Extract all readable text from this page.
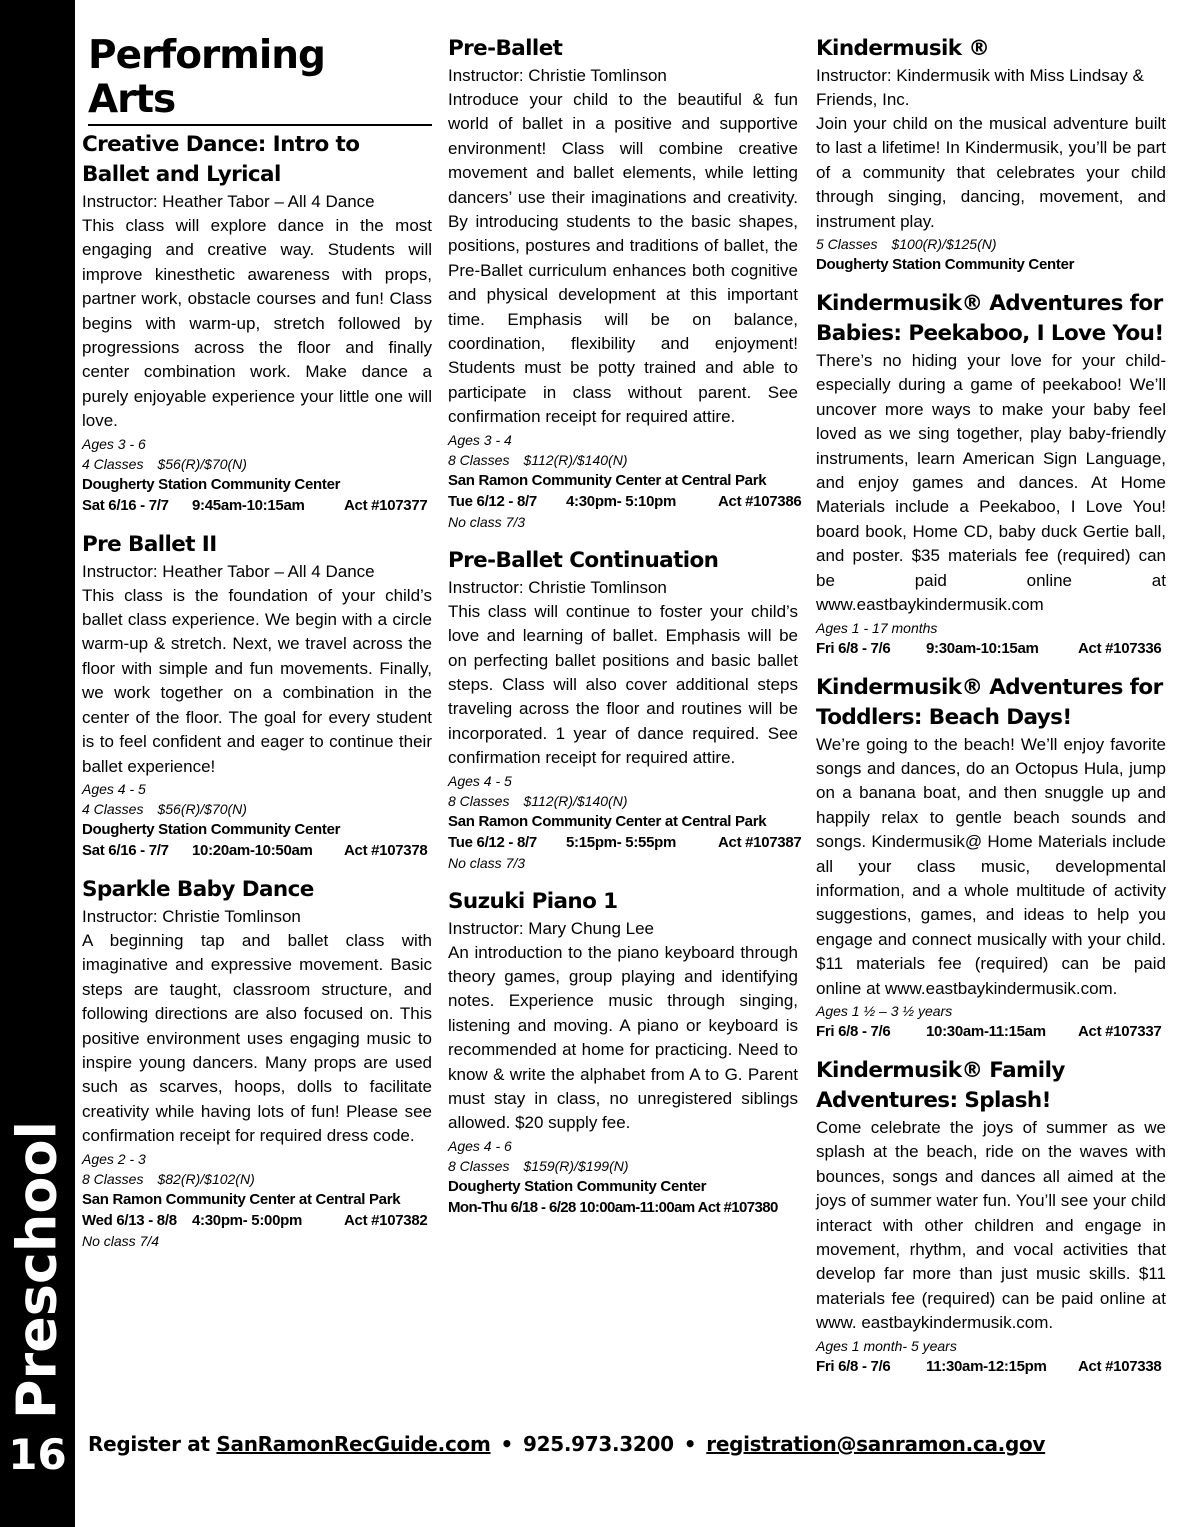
Preschool
16
Performing Arts
Creative Dance: Intro to Ballet and Lyrical
Instructor: Heather Tabor – All 4 Dance
This class will explore dance in the most engaging and creative way. Students will improve kinesthetic awareness with props, partner work, obstacle courses and fun! Class begins with warm-up, stretch followed by progressions across the floor and finally center combination work. Make dance a purely enjoyable experience your little one will love.
Ages 3 - 6
4 Classes $56(R)/$70(N)
Dougherty Station Community Center
Sat 6/16 - 7/7 9:45am-10:15am	Act #107377
Pre Ballet II
Instructor: Heather Tabor – All 4 Dance
This class is the foundation of your child’s ballet class experience. We begin with a circle warm-up & stretch. Next, we travel across the floor with simple and fun movements. Finally, we work together on a combination in the center of the floor. The goal for every student is to feel confident and eager to continue their ballet experience!
Ages 4 - 5
4 Classes $56(R)/$70(N)
Dougherty Station Community Center
Sat 6/16 - 7/7 10:20am-10:50am Act #107378
Sparkle Baby Dance
Instructor: Christie Tomlinson
A beginning tap and ballet class with imaginative and expressive movement. Basic steps are taught, classroom structure, and following directions are also focused on. This positive environment uses engaging music to inspire young dancers. Many props are used such as scarves, hoops, dolls to facilitate creativity while having lots of fun! Please see confirmation receipt for required dress code.
Ages 2 - 3
8 Classes $82(R)/$102(N)
San Ramon Community Center at Central Park
Wed 6/13 - 8/8 4:30pm- 5:00pm	Act #107382
No class 7/4
Pre-Ballet
Instructor: Christie Tomlinson
Introduce your child to the beautiful & fun world of ballet in a positive and supportive environment! Class will combine creative movement and ballet elements, while letting dancers’ use their imaginations and creativity. By introducing students to the basic shapes, positions, postures and traditions of ballet, the Pre-Ballet curriculum enhances both cognitive and physical development at this important time. Emphasis will be on balance, coordination, flexibility and enjoyment! Students must be potty trained and able to participate in class without parent. See confirmation receipt for required attire.
Ages 3 - 4
8 Classes $112(R)/$140(N)
San Ramon Community Center at Central Park
Tue 6/12 - 8/7 4:30pm- 5:10pm	Act #107386
No class 7/3
Pre-Ballet Continuation
Instructor: Christie Tomlinson
This class will continue to foster your child’s love and learning of ballet. Emphasis will be on perfecting ballet positions and basic ballet steps. Class will also cover additional steps traveling across the floor and routines will be incorporated. 1 year of dance required. See confirmation receipt for required attire.
Ages 4 - 5
8 Classes $112(R)/$140(N)
San Ramon Community Center at Central Park
Tue 6/12 - 8/7 5:15pm- 5:55pm	Act #107387
No class 7/3
Suzuki Piano 1
Instructor: Mary Chung Lee
An introduction to the piano keyboard through theory games, group playing and identifying notes. Experience music through singing, listening and moving. A piano or keyboard is recommended at home for practicing. Need to know & write the alphabet from A to G. Parent must stay in class, no unregistered siblings allowed. $20 supply fee.
Ages 4 - 6
8 Classes $159(R)/$199(N)
Dougherty Station Community Center
Mon-Thu 6/18 - 6/28 10:00am-11:00am Act #107380
Kindermusik ®
Instructor: Kindermusik with Miss Lindsay & Friends, Inc.
Join your child on the musical adventure built to last a lifetime! In Kindermusik, you’ll be part of a community that celebrates your child through singing, dancing, movement, and instrument play.
5 Classes $100(R)/$125(N)
Dougherty Station Community Center
Kindermusik® Adventures for Babies: Peekaboo, I Love You!
There’s no hiding your love for your child- especially during a game of peekaboo! We’ll uncover more ways to make your baby feel loved as we sing together, play baby-friendly instruments, learn American Sign Language, and enjoy games and dances. At Home Materials include a Peekaboo, I Love You! board book, Home CD, baby duck Gertie ball, and poster. $35 materials fee (required) can be paid online at www.eastbaykindermusik.com
Ages 1 - 17 months
Fri 6/8 - 7/6 9:30am-10:15am	Act #107336
Kindermusik® Adventures for Toddlers: Beach Days!
We’re going to the beach! We’ll enjoy favorite songs and dances, do an Octopus Hula, jump on a banana boat, and then snuggle up and happily relax to gentle beach sounds and songs. Kindermusik@ Home Materials include all your class music, developmental information, and a whole multitude of activity suggestions, games, and ideas to help you engage and connect musically with your child. $11 materials fee (required) can be paid online at www.eastbaykindermusik.com.
Ages 1 ½ – 3 ½ years
Fri 6/8 - 7/6 10:30am-11:15am Act #107337
Kindermusik® Family Adventures: Splash!
Come celebrate the joys of summer as we splash at the beach, ride on the waves with bounces, songs and dances all aimed at the joys of summer water fun. You’ll see your child interact with other children and engage in movement, rhythm, and vocal activities that develop far more than just music skills. $11 materials fee (required) can be paid online at www. eastbaykindermusik.com.
Ages 1 month- 5 years
Fri 6/8 - 7/6 11:30am-12:15pm Act #107338
Register at SanRamonRecGuide.com • 925.973.3200 • registration@sanramon.ca.gov
